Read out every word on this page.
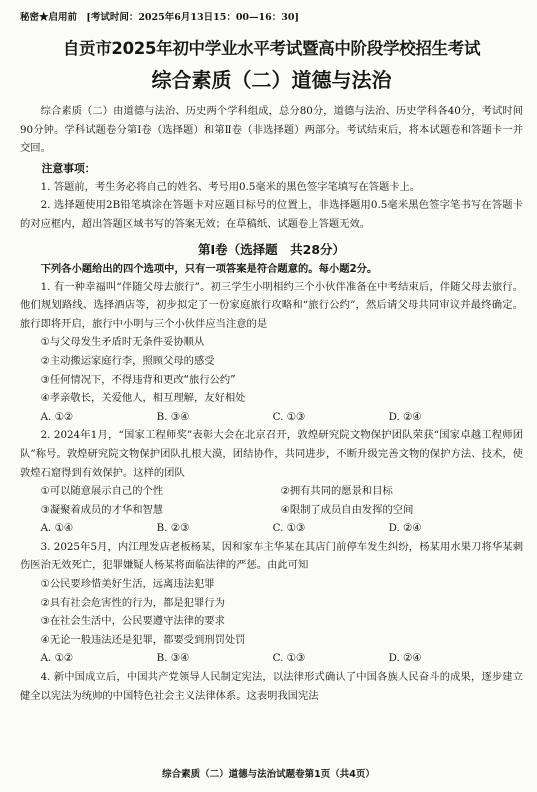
秘密★启用前 [考试时间：2025年6月13日15：00—16：30]
自贡市2025年初中学业水平考试暨高中阶段学校招生考试
综合素质（二）道德与法治
综合素质（二）由道德与法治、历史两个学科组成，总分80分，道德与法治、历史学科各40分，考试时间90分钟。学科试题卷分第Ⅰ卷（选择题）和第Ⅱ卷（非选择题）两部分。考试结束后，将本试题卷和答题卡一并交回。
注意事项：
1. 答题前，考生务必将自己的姓名、考号用0.5毫米的黑色签字笔填写在答题卡上。
2. 选择题使用2B铅笔填涂在答题卡对应题目标号的位置上，非选择题用0.5毫米黑色签字笔书写在答题卡的对应框内，超出答题区域书写的答案无效；在草稿纸、试题卷上答题无效。
第Ⅰ卷（选择题　共28分）
下列各小题给出的四个选项中，只有一项答案是符合题意的。每小题2分。
1. 有一种幸福叫“伴随父母去旅行”。初三学生小明相约三个小伙伴准备在中考结束后，伴随父母去旅行。他们规划路线、选择酒店等，初步拟定了一份家庭旅行攻略和“旅行公约”，然后请父母共同审议并最终确定。旅行即将开启，旅行中小明与三个小伙伴应当注意的是
①与父母发生矛盾时无条件妥协顺从
②主动搬运家庭行李，照顾父母的感受
③任何情况下，不得违背和更改“旅行公约”
④孝亲敬长，关爱他人，相互理解，友好相处
A. ①②	B. ③④	C. ①③	D. ②④
2. 2024年1月，“国家工程师奖”表彰大会在北京召开，敦煌研究院文物保护团队荣获“国家卓越工程师团队”称号。敦煌研究院文物保护团队扎根大漠，团结协作，共同进步，不断升级完善文物的保护方法、技术，使敦煌石窟得到有效保护。这样的团队
①可以随意展示自己的个性	②拥有共同的愿景和目标
③凝聚着成员的才华和智慧	④限制了成员自由发挥的空间
A. ①④	B. ②③	C. ①③	D. ②④
3. 2025年5月，内江理发店老板杨某，因和家车主华某在其店门前停车发生纠纷，杨某用水果刀将华某刺伤医治无效死亡，犯罪嫌疑人杨某将面临法律的严惩。由此可知
①公民要珍惜美好生活，远离违法犯罪
②具有社会危害性的行为，都是犯罪行为
③在社会生活中，公民要遵守法律的要求
④无论一般违法还是犯罪，都要受到刑罚处罚
A. ①②	B. ③④	C. ①③	D. ②④
4. 新中国成立后，中国共产党领导人民制定宪法，以法律形式确认了中国各族人民奋斗的成果，逐步建立健全以宪法为统帅的中国特色社会主义法律体系。这表明我国宪法
综合素质（二）道德与法治试题卷第1页（共4页）
